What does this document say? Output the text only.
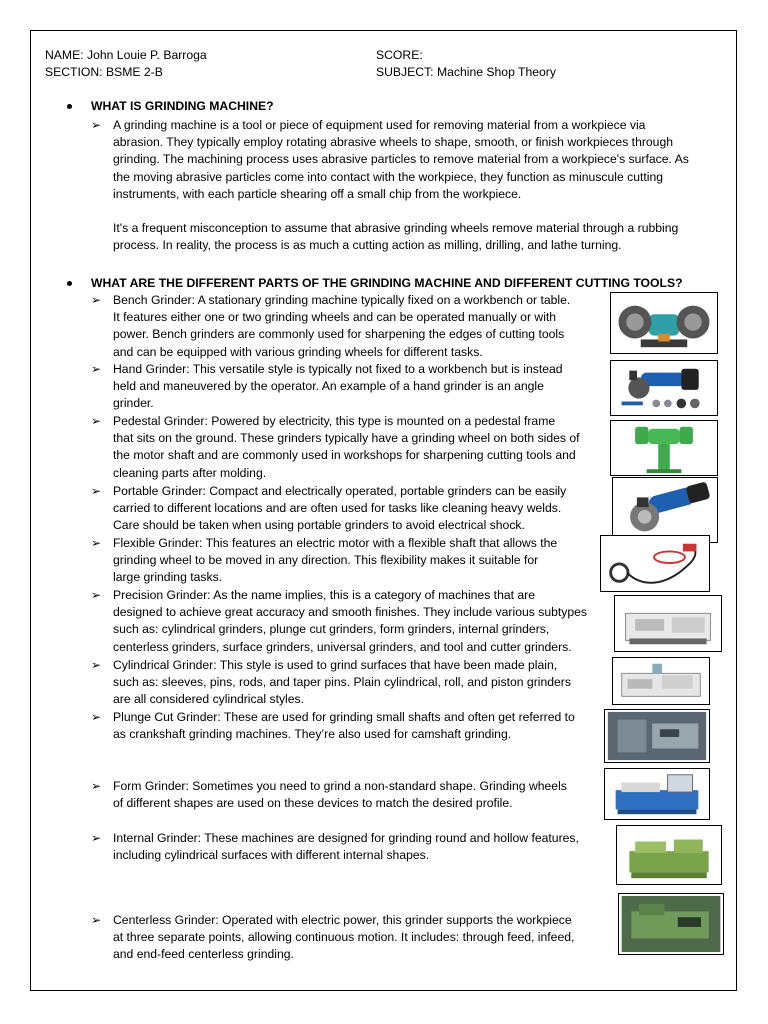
NAME: John Louie P. Barroga
SECTION: BSME 2-B
SCORE:
SUBJECT: Machine Shop Theory
WHAT IS GRINDING MACHINE?
➢ A grinding machine is a tool or piece of equipment used for removing material from a workpiece via
abrasion. They typically employ rotating abrasive wheels to shape, smooth, or finish workpieces through
grinding. The machining process uses abrasive particles to remove material from a workpiece's surface. As
the moving abrasive particles come into contact with the workpiece, they function as minuscule cutting
instruments, with each particle shearing off a small chip from the workpiece.
It's a frequent misconception to assume that abrasive grinding wheels remove material through a rubbing
process. In reality, the process is as much a cutting action as milling, drilling, and lathe turning.
WHAT ARE THE DIFFERENT PARTS OF THE GRINDING MACHINE AND DIFFERENT CUTTING TOOLS?
➢ Bench Grinder: A stationary grinding machine typically fixed on a workbench or table.
It features either one or two grinding wheels and can be operated manually or with
power. Bench grinders are commonly used for sharpening the edges of cutting tools
and can be equipped with various grinding wheels for different tasks.
➢ Hand Grinder: This versatile style is typically not fixed to a workbench but is instead
held and maneuvered by the operator. An example of a hand grinder is an angle
grinder.
➢ Pedestal Grinder: Powered by electricity, this type is mounted on a pedestal frame
that sits on the ground. These grinders typically have a grinding wheel on both sides of
the motor shaft and are commonly used in workshops for sharpening cutting tools and
cleaning parts after molding.
➢ Portable Grinder: Compact and electrically operated, portable grinders can be easily
carried to different locations and are often used for tasks like cleaning heavy welds.
Care should be taken when using portable grinders to avoid electrical shock.
➢ Flexible Grinder: This features an electric motor with a flexible shaft that allows the
grinding wheel to be moved in any direction. This flexibility makes it suitable for
large grinding tasks.
➢ Precision Grinder: As the name implies, this is a category of machines that are
designed to achieve great accuracy and smooth finishes. They include various subtypes
such as: cylindrical grinders, plunge cut grinders, form grinders, internal grinders,
centerless grinders, surface grinders, universal grinders, and tool and cutter grinders.
➢ Cylindrical Grinder: This style is used to grind surfaces that have been made plain,
such as: sleeves, pins, rods, and taper pins. Plain cylindrical, roll, and piston grinders
are all considered cylindrical styles.
➢ Plunge Cut Grinder: These are used for grinding small shafts and often get referred to
as crankshaft grinding machines. They’re also used for camshaft grinding.
➢ Form Grinder: Sometimes you need to grind a non-standard shape. Grinding wheels
of different shapes are used on these devices to match the desired profile.
➢ Internal Grinder: These machines are designed for grinding round and hollow features,
including cylindrical surfaces with different internal shapes.
➢ Centerless Grinder: Operated with electric power, this grinder supports the workpiece
at three separate points, allowing continuous motion. It includes: through feed, infeed,
and end-feed centerless grinding.
